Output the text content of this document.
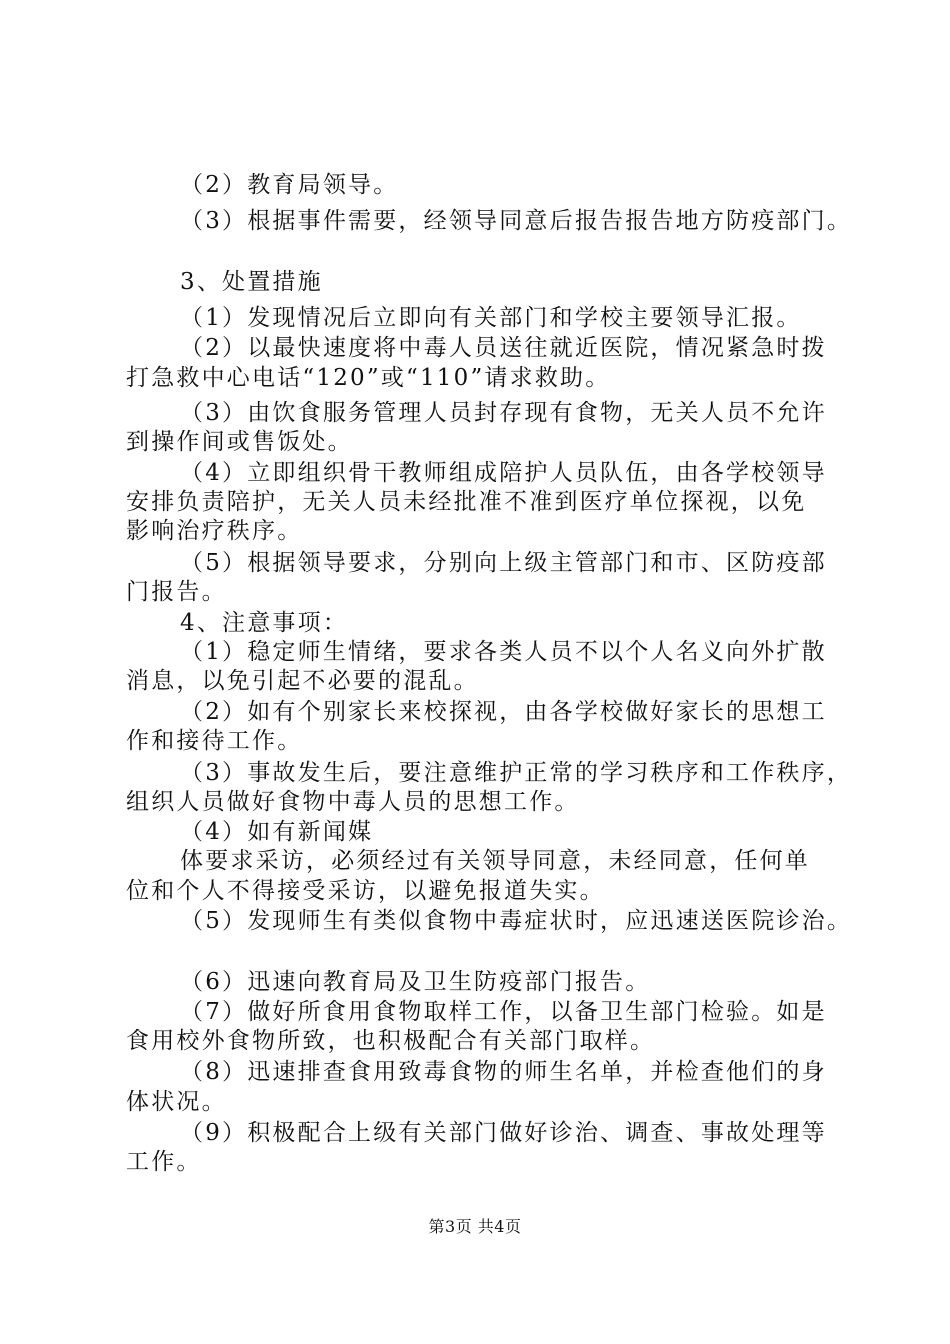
（2）教育局领导。
（3）根据事件需要，经领导同意后报告报告地方防疫部门。
3、处置措施
（1）发现情况后立即向有关部门和学校主要领导汇报。
（2）以最快速度将中毒人员送往就近医院，情况紧急时拨
打急救中心电话“120”或“110”请求救助。
（3）由饮食服务管理人员封存现有食物，无关人员不允许
到操作间或售饭处。
（4）立即组织骨干教师组成陪护人员队伍，由各学校领导
安排负责陪护，无关人员未经批准不准到医疗单位探视，以免
影响治疗秩序。
（5）根据领导要求，分别向上级主管部门和市、区防疫部
门报告。
4、注意事项：
（1）稳定师生情绪，要求各类人员不以个人名义向外扩散
消息，以免引起不必要的混乱。
（2）如有个别家长来校探视，由各学校做好家长的思想工
作和接待工作。
（3）事故发生后，要注意维护正常的学习秩序和工作秩序，
组织人员做好食物中毒人员的思想工作。
（4）如有新闻媒
体要求采访，必须经过有关领导同意，未经同意，任何单
位和个人不得接受采访，以避免报道失实。
（5）发现师生有类似食物中毒症状时，应迅速送医院诊治。
（6）迅速向教育局及卫生防疫部门报告。
（7）做好所食用食物取样工作，以备卫生部门检验。如是
食用校外食物所致，也积极配合有关部门取样。
（8）迅速排查食用致毒食物的师生名单，并检查他们的身
体状况。
（9）积极配合上级有关部门做好诊治、调查、事故处理等
工作。
第3页 共4页
